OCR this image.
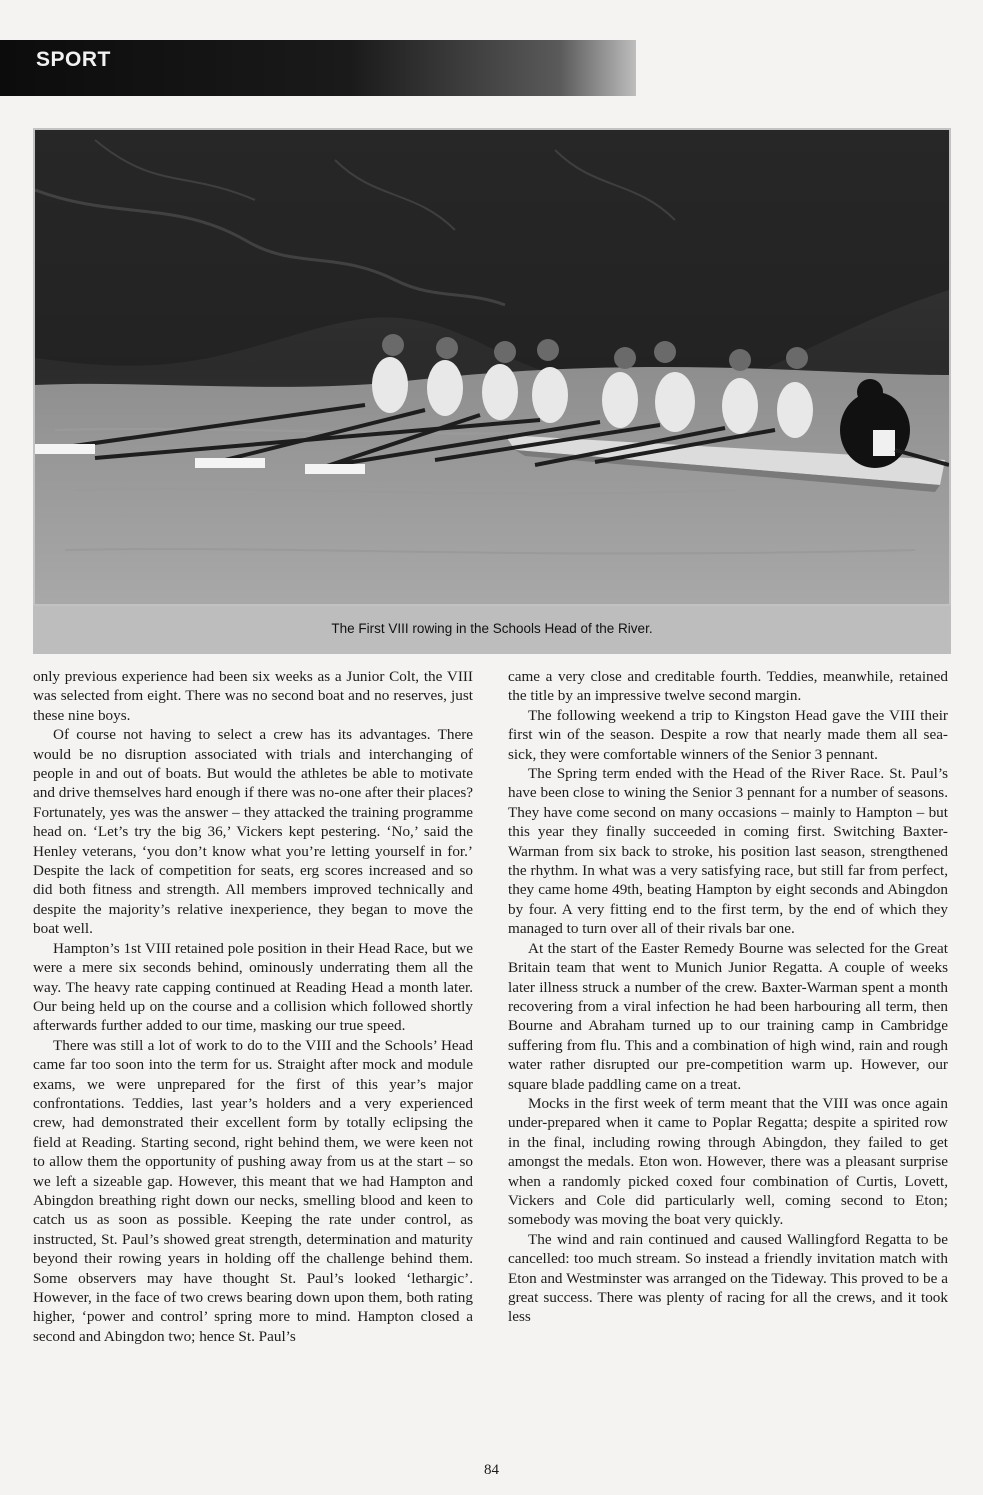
SPORT
The First VIII rowing in the Schools Head of the River.

only previous experience had been six weeks as a Junior Colt, the VIII was selected from eight. There was no second boat and no reserves, just these nine boys.

Of course not having to select a crew has its advantages. There would be no disruption associated with trials and interchanging of people in and out of boats. But would the athletes be able to motivate and drive themselves hard enough if there was no-one after their places? Fortunately, yes was the answer – they attacked the training programme head on. ‘Let’s try the big 36,’ Vickers kept pestering. ‘No,’ said the Henley veterans, ‘you don’t know what you’re letting yourself in for.’ Despite the lack of competition for seats, erg scores increased and so did both fitness and strength. All members improved technically and despite the majority’s relative inexperience, they began to move the boat well.

Hampton’s 1st VIII retained pole position in their Head Race, but we were a mere six seconds behind, ominously underrating them all the way. The heavy rate capping continued at Reading Head a month later. Our being held up on the course and a collision which followed shortly afterwards further added to our time, masking our true speed.

There was still a lot of work to do to the VIII and the Schools’ Head came far too soon into the term for us. Straight after mock and module exams, we were unprepared for the first of this year’s major confrontations. Teddies, last year’s holders and a very experienced crew, had demonstrated their excellent form by totally eclipsing the field at Reading. Starting second, right behind them, we were keen not to allow them the opportunity of pushing away from us at the start – so we left a sizeable gap. However, this meant that we had Hampton and Abingdon breathing right down our necks, smelling blood and keen to catch us as soon as possible. Keeping the rate under control, as instructed, St. Paul’s showed great strength, determination and maturity beyond their rowing years in holding off the challenge behind them. Some observers may have thought St. Paul’s looked ‘lethargic’. However, in the face of two crews bearing down upon them, both rating higher, ‘power and control’ spring more to mind. Hampton closed a second and Abingdon two; hence St. Paul’s

came a very close and creditable fourth. Teddies, meanwhile, retained the title by an impressive twelve second margin.

The following weekend a trip to Kingston Head gave the VIII their first win of the season. Despite a row that nearly made them all sea-sick, they were comfortable winners of the Senior 3 pennant.

The Spring term ended with the Head of the River Race. St. Paul’s have been close to wining the Senior 3 pennant for a number of seasons. They have come second on many occasions – mainly to Hampton – but this year they finally succeeded in coming first. Switching Baxter-Warman from six back to stroke, his position last season, strengthened the rhythm. In what was a very satisfying race, but still far from perfect, they came home 49th, beating Hampton by eight seconds and Abingdon by four. A very fitting end to the first term, by the end of which they managed to turn over all of their rivals bar one.

At the start of the Easter Remedy Bourne was selected for the Great Britain team that went to Munich Junior Regatta. A couple of weeks later illness struck a number of the crew. Baxter-Warman spent a month recovering from a viral infection he had been harbouring all term, then Bourne and Abraham turned up to our training camp in Cambridge suffering from flu. This and a combination of high wind, rain and rough water rather disrupted our pre-competition warm up. However, our square blade paddling came on a treat.

Mocks in the first week of term meant that the VIII was once again under-prepared when it came to Poplar Regatta; despite a spirited row in the final, including rowing through Abingdon, they failed to get amongst the medals. Eton won. However, there was a pleasant surprise when a randomly picked coxed four combination of Curtis, Lovett, Vickers and Cole did particularly well, coming second to Eton; somebody was moving the boat very quickly.

The wind and rain continued and caused Wallingford Regatta to be cancelled: too much stream. So instead a friendly invitation match with Eton and Westminster was arranged on the Tideway. This proved to be a great success. There was plenty of racing for all the crews, and it took less

84
